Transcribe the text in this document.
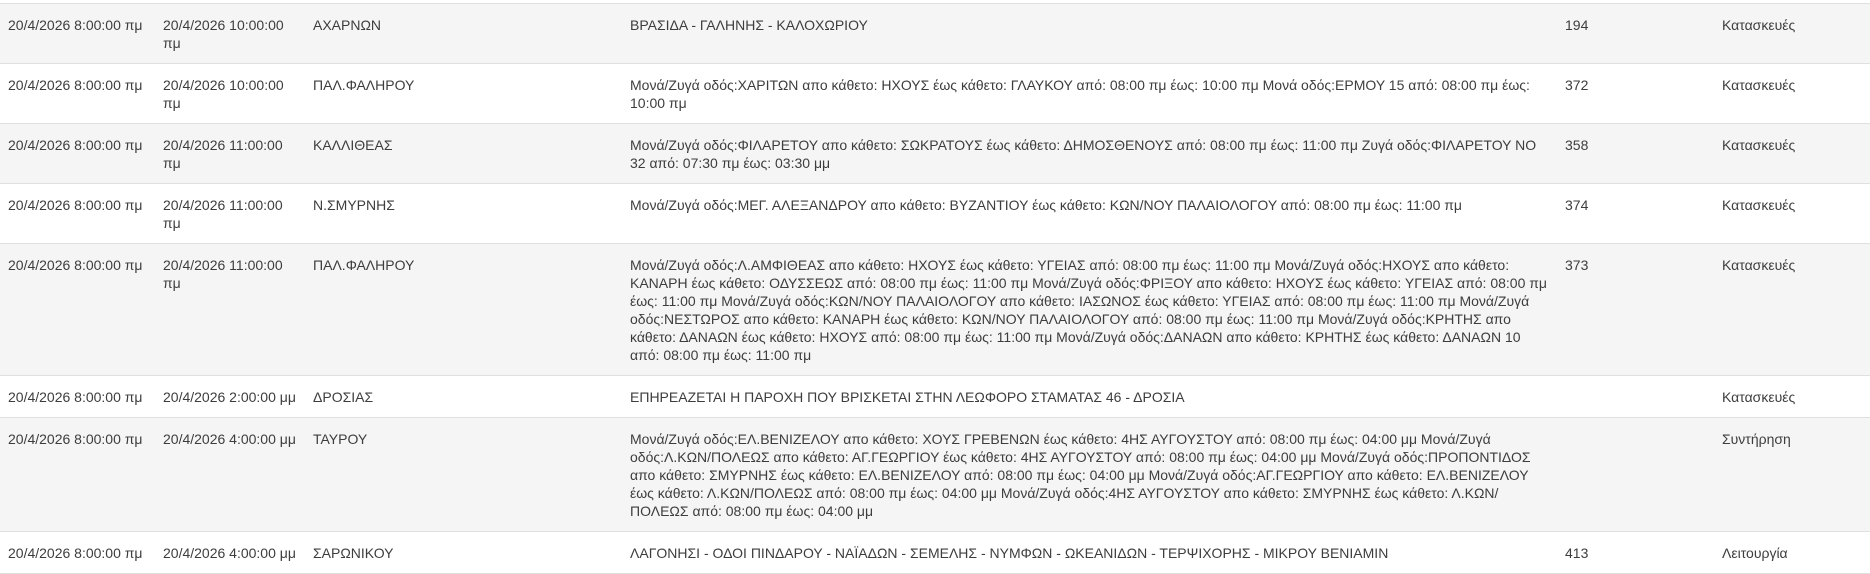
20/4/2026 8:00:00 πμ	20/4/2026 10:00:00 πμ	ΑΧΑΡΝΩΝ	ΒΡΑΣΙΔΑ - ΓΑΛΗΝΗΣ - ΚΑΛΟΧΩΡΙΟΥ	194	Κατασκευές
20/4/2026 8:00:00 πμ	20/4/2026 10:00:00 πμ	ΠΑΛ.ΦΑΛΗΡΟΥ	Μονά/Ζυγά οδός:ΧΑΡΙΤΩΝ απο κάθετο: ΗΧΟΥΣ έως κάθετο: ΓΛΑΥΚΟΥ από: 08:00 πμ έως: 10:00 πμ Μονά οδός:ΕΡΜΟΥ 15 από: 08:00 πμ έως: 10:00 πμ	372	Κατασκευές
20/4/2026 8:00:00 πμ	20/4/2026 11:00:00 πμ	ΚΑΛΛΙΘΕΑΣ	Μονά/Ζυγά οδός:ΦΙΛΑΡΕΤΟΥ απο κάθετο: ΣΩΚΡΑΤΟΥΣ έως κάθετο: ΔΗΜΟΣΘΕΝΟΥΣ από: 08:00 πμ έως: 11:00 πμ Ζυγά οδός:ΦΙΛΑΡΕΤΟΥ ΝΟ 32 από: 07:30 πμ έως: 03:30 μμ	358	Κατασκευές
20/4/2026 8:00:00 πμ	20/4/2026 11:00:00 πμ	Ν.ΣΜΥΡΝΗΣ	Μονά/Ζυγά οδός:ΜΕΓ. ΑΛΕΞΑΝΔΡΟΥ απο κάθετο: ΒΥΖΑΝΤΙΟΥ έως κάθετο: ΚΩΝ/ΝΟΥ ΠΑΛΑΙΟΛΟΓΟΥ από: 08:00 πμ έως: 11:00 πμ	374	Κατασκευές
20/4/2026 8:00:00 πμ	20/4/2026 11:00:00 πμ	ΠΑΛ.ΦΑΛΗΡΟΥ	Μονά/Ζυγά οδός:Λ.ΑΜΦΙΘΕΑΣ απο κάθετο: ΗΧΟΥΣ έως κάθετο: ΥΓΕΙΑΣ από: 08:00 πμ έως: 11:00 πμ Μονά/Ζυγά οδός:ΗΧΟΥΣ απο κάθετο: ΚΑΝΑΡΗ έως κάθετο: ΟΔΥΣΣΕΩΣ από: 08:00 πμ έως: 11:00 πμ Μονά/Ζυγά οδός:ΦΡΙΞΟΥ απο κάθετο: ΗΧΟΥΣ έως κάθετο: ΥΓΕΙΑΣ από: 08:00 πμ έως: 11:00 πμ Μονά/Ζυγά οδός:ΚΩΝ/ΝΟΥ ΠΑΛΑΙΟΛΟΓΟΥ απο κάθετο: ΙΑΣΩΝΟΣ έως κάθετο: ΥΓΕΙΑΣ από: 08:00 πμ έως: 11:00 πμ Μονά/Ζυγά οδός:ΝΕΣΤΩΡΟΣ απο κάθετο: ΚΑΝΑΡΗ έως κάθετο: ΚΩΝ/ΝΟΥ ΠΑΛΑΙΟΛΟΓΟΥ από: 08:00 πμ έως: 11:00 πμ Μονά/Ζυγά οδός:ΚΡΗΤΗΣ απο κάθετο: ΔΑΝΑΩΝ έως κάθετο: ΗΧΟΥΣ από: 08:00 πμ έως: 11:00 πμ Μονά/Ζυγά οδός:ΔΑΝΑΩΝ απο κάθετο: ΚΡΗΤΗΣ έως κάθετο: ΔΑΝΑΩΝ 10 από: 08:00 πμ έως: 11:00 πμ	373	Κατασκευές
20/4/2026 8:00:00 πμ	20/4/2026 2:00:00 μμ	ΔΡΟΣΙΑΣ	ΕΠΗΡΕΑΖΕΤΑΙ Η ΠΑΡΟΧΗ ΠΟΥ ΒΡΙΣΚΕΤΑΙ ΣΤΗΝ ΛΕΩΦΟΡΟ ΣΤΑΜΑΤΑΣ 46 - ΔΡΟΣΙΑ		Κατασκευές
20/4/2026 8:00:00 πμ	20/4/2026 4:00:00 μμ	ΤΑΥΡΟΥ	Μονά/Ζυγά οδός:ΕΛ.ΒΕΝΙΖΕΛΟΥ απο κάθετο: ΧΟΥΣ ΓΡΕΒΕΝΩΝ έως κάθετο: 4ΗΣ ΑΥΓΟΥΣΤΟΥ από: 08:00 πμ έως: 04:00 μμ Μονά/Ζυγά οδός:Λ.ΚΩΝ/ΠΟΛΕΩΣ απο κάθετο: ΑΓ.ΓΕΩΡΓΙΟΥ έως κάθετο: 4ΗΣ ΑΥΓΟΥΣΤΟΥ από: 08:00 πμ έως: 04:00 μμ Μονά/Ζυγά οδός:ΠΡΟΠΟΝΤΙΔΟΣ απο κάθετο: ΣΜΥΡΝΗΣ έως κάθετο: ΕΛ.ΒΕΝΙΖΕΛΟΥ από: 08:00 πμ έως: 04:00 μμ Μονά/Ζυγά οδός:ΑΓ.ΓΕΩΡΓΙΟΥ απο κάθετο: ΕΛ.ΒΕΝΙΖΕΛΟΥ έως κάθετο: Λ.ΚΩΝ/ΠΟΛΕΩΣ από: 08:00 πμ έως: 04:00 μμ Μονά/Ζυγά οδός:4ΗΣ ΑΥΓΟΥΣΤΟΥ απο κάθετο: ΣΜΥΡΝΗΣ έως κάθετο: Λ.ΚΩΝ/ΠΟΛΕΩΣ από: 08:00 πμ έως: 04:00 μμ		Συντήρηση
20/4/2026 8:00:00 πμ	20/4/2026 4:00:00 μμ	ΣΑΡΩΝΙΚΟΥ	ΛΑΓΟΝΗΣΙ - ΟΔΟΙ ΠΙΝΔΑΡΟΥ - ΝΑΪΑΔΩΝ - ΣΕΜΕΛΗΣ - ΝΥΜΦΩΝ - ΩΚΕΑΝΙΔΩΝ - ΤΕΡΨΙΧΟΡΗΣ - ΜΙΚΡΟΥ ΒΕΝΙΑΜΙΝ	413	Λειτουργία
